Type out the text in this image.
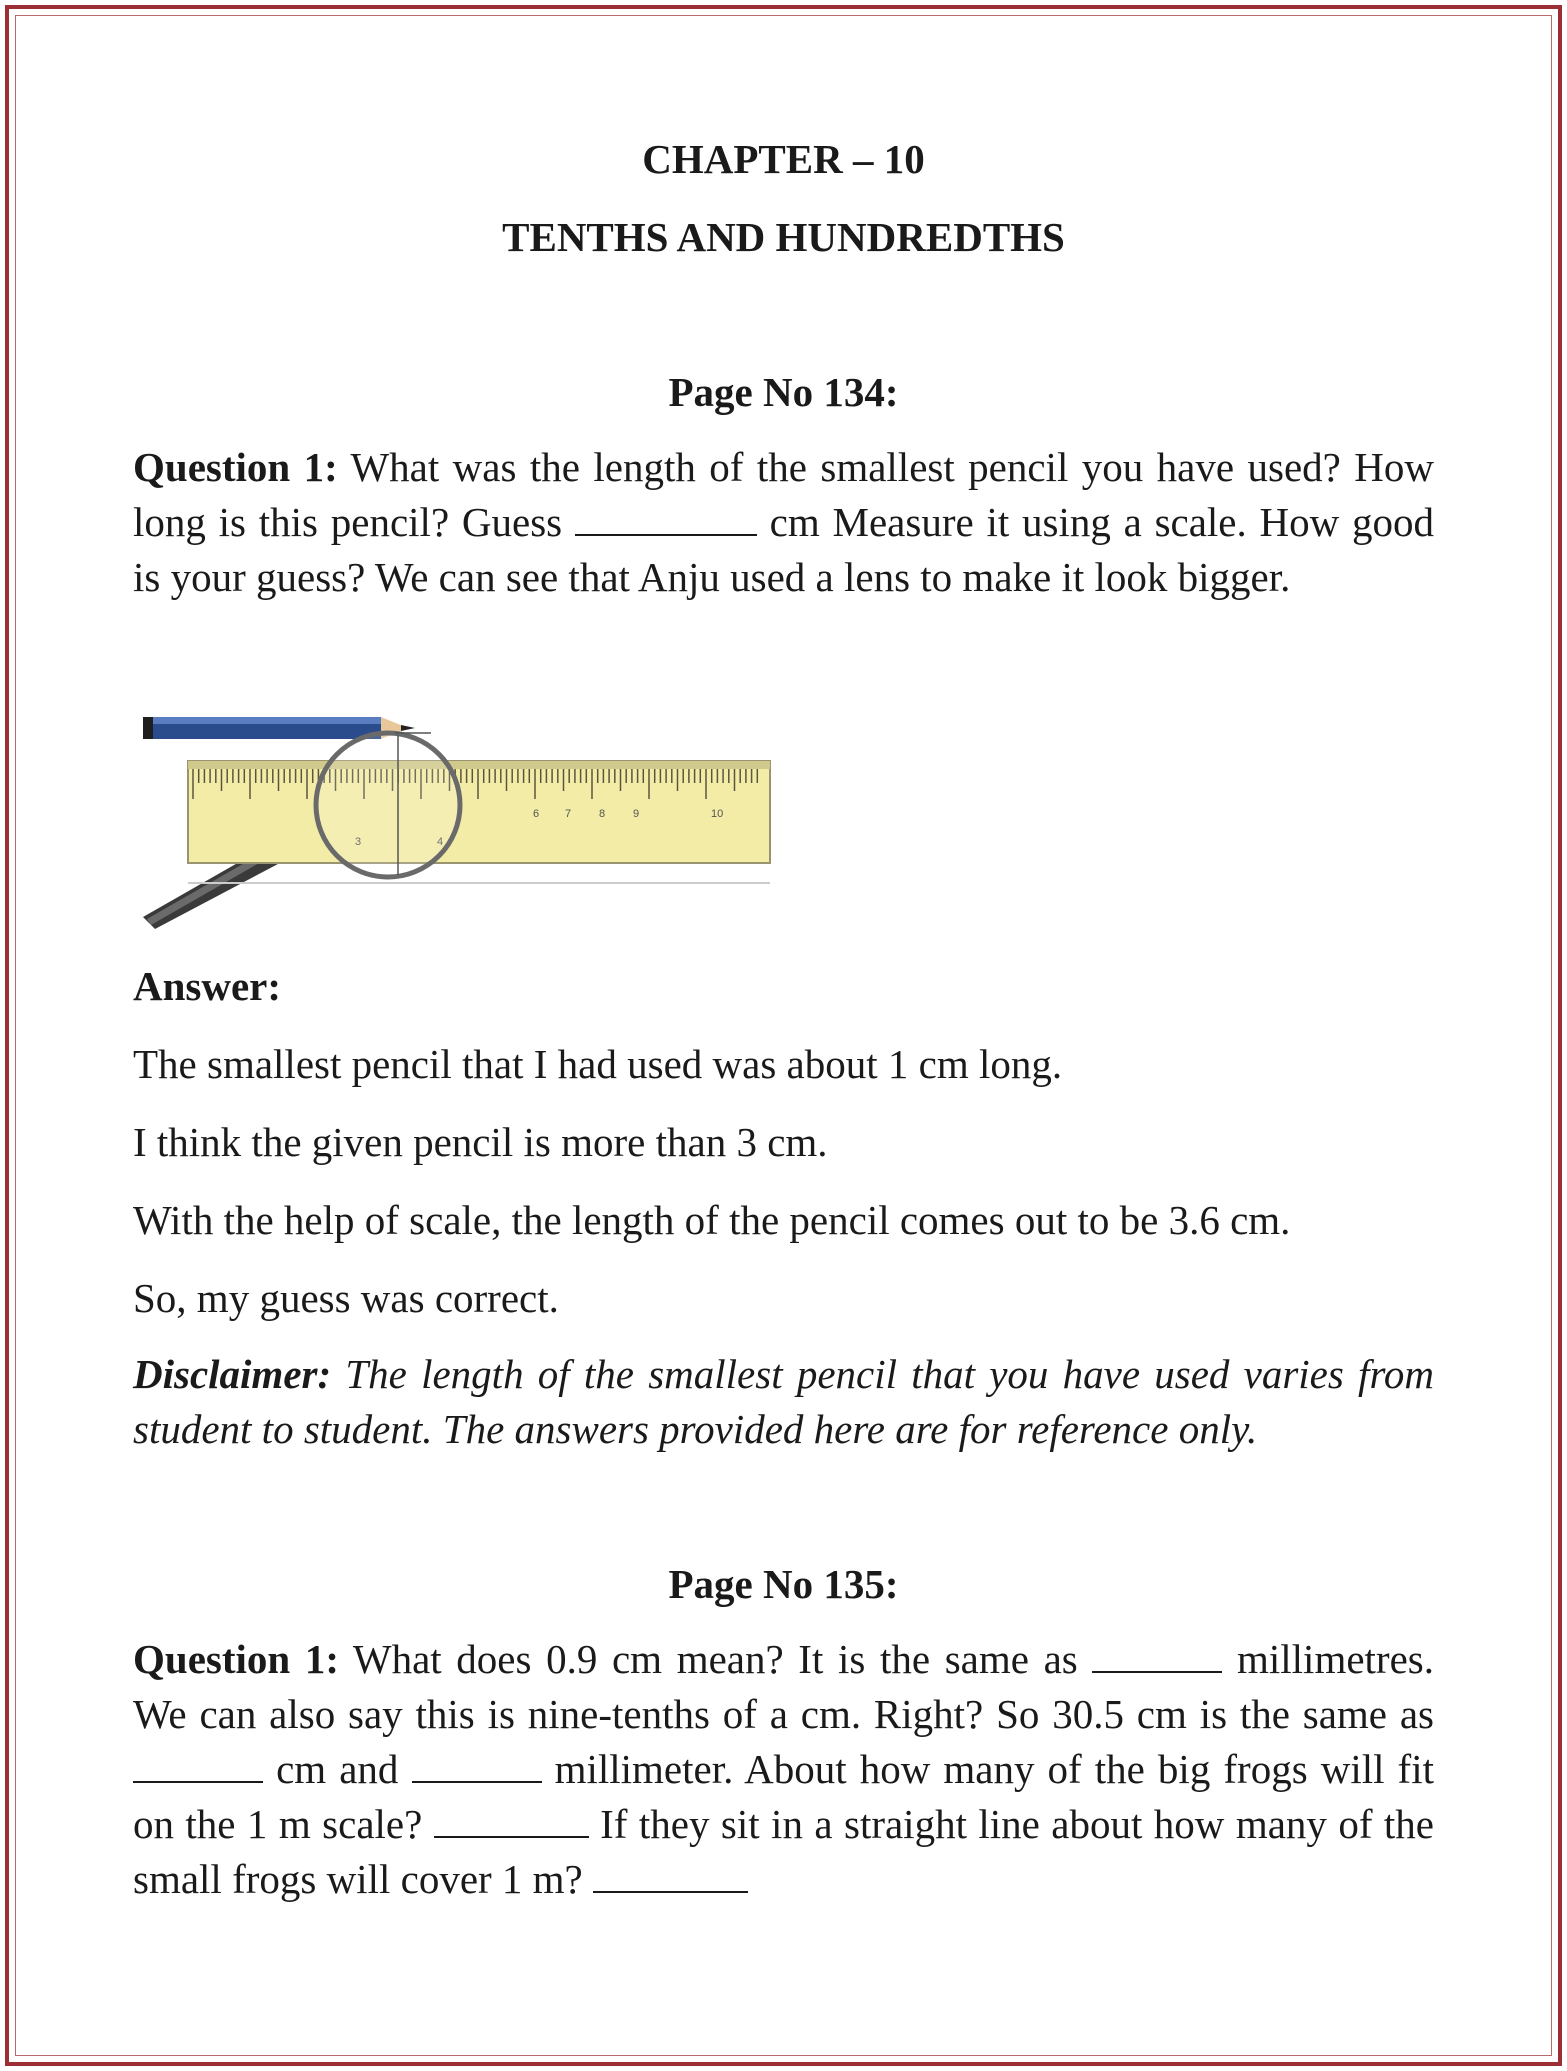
CHAPTER – 10
TENTHS AND HUNDREDTHS
Page No 134:

Question 1: What was the length of the smallest pencil you have used? How long is this pencil? Guess	cm Measure it using a scale. How good is your guess? We can see that Anju used a lens to make it look bigger.

Answer:

The smallest pencil that I had used was about 1 cm long.

I think the given pencil is more than 3 cm.

With the help of scale, the length of the pencil comes out to be 3.6 cm.

So, my guess was correct.

Disclaimer: The length of the smallest pencil that you have used varies from student to student. The answers provided here are for reference only.

Page No 135:

Question 1: What does 0.9 cm mean? It is the same as	millimetres. We can also say this is nine-tenths of a cm. Right? So 30.5 cm is the same as  cm and	millimeter. About how many of the big frogs will fit on the 1 m scale?	If they sit in a straight line about how many of the small frogs will cover 1 m?

3	4
6 7	8	9	10
